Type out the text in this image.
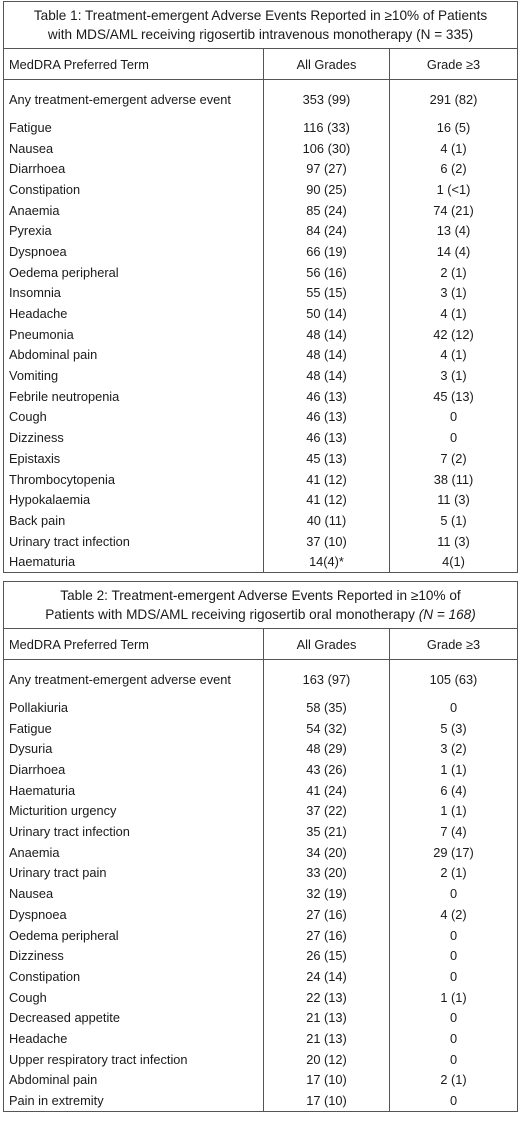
Table 1: Treatment-emergent Adverse Events Reported in ≥10% of Patients
with MDS/AML receiving rigosertib intravenous monotherapy (N = 335)		

MedDRA Preferred Term	All Grades	Grade ≥3
Any treatment-emergent adverse event	353 (99)	291 (82)
Fatigue	116 (33)	16 (5)
Nausea	106 (30)	4 (1)
Diarrhoea	97 (27)	6 (2)
Constipation	90 (25)	1 (<1)
Anaemia	85 (24)	74 (21)
Pyrexia	84 (24)	13 (4)
Dyspnoea	66 (19)	14 (4)
Oedema peripheral	56 (16)	2 (1)
Insomnia	55 (15)	3 (1)
Headache	50 (14)	4 (1)
Pneumonia	48 (14)	42 (12)
Abdominal pain	48 (14)	4 (1)
Vomiting	48 (14)	3 (1)
Febrile neutropenia	46 (13)	45 (13)
Cough	46 (13)	0
Dizziness	46 (13)	0
Epistaxis	45 (13)	7 (2)
Thrombocytopenia	41 (12)	38 (11)
Hypokalaemia	41 (12)	11 (3)
Back pain	40 (11)	5 (1)
Urinary tract infection	37 (10)	11 (3)
Haematuria	14(4)*	4(1)
Table 2: Treatment-emergent Adverse Events Reported in ≥10% of
Patients with MDS/AML receiving rigosertib oral monotherapy (N = 168)		

MedDRA Preferred Term	All Grades	Grade ≥3
Any treatment-emergent adverse event	163 (97)	105 (63)
Pollakiuria	58 (35)	0
Fatigue	54 (32)	5 (3)
Dysuria	48 (29)	3 (2)
Diarrhoea	43 (26)	1 (1)
Haematuria	41 (24)	6 (4)
Micturition urgency	37 (22)	1 (1)
Urinary tract infection	35 (21)	7 (4)
Anaemia	34 (20)	29 (17)
Urinary tract pain	33 (20)	2 (1)
Nausea	32 (19)	0
Dyspnoea	27 (16)	4 (2)
Oedema peripheral	27 (16)	0
Dizziness	26 (15)	0
Constipation	24 (14)	0
Cough	22 (13)	1 (1)
Decreased appetite	21 (13)	0
Headache	21 (13)	0
Upper respiratory tract infection	20 (12)	0
Abdominal pain	17 (10)	2 (1)
Pain in extremity	17 (10)	0
